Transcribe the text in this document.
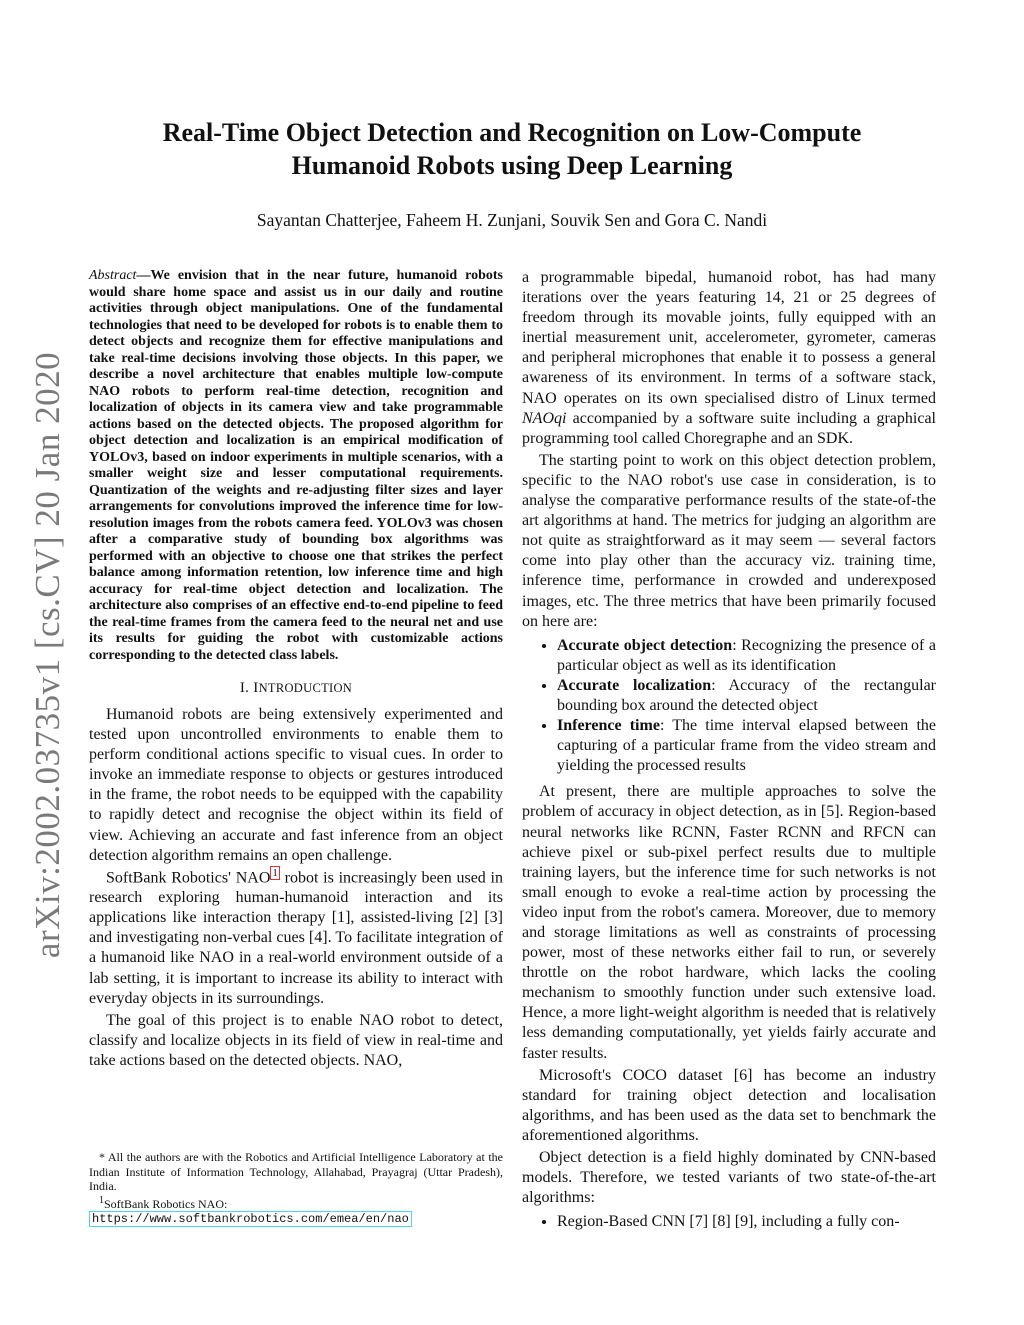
arXiv:2002.03735v1 [cs.CV] 20 Jan 2020
Real-Time Object Detection and Recognition on Low-Compute
Humanoid Robots using Deep Learning
Sayantan Chatterjee, Faheem H. Zunjani, Souvik Sen and Gora C. Nandi

Abstract—We envision that in the near future, humanoid robots would share home space and assist us in our daily and routine activities through object manipulations. One of the fundamental technologies that need to be developed for robots is to enable them to detect objects and recognize them for effective manipulations and take real-time decisions involving those objects. In this paper, we describe a novel architecture that enables multiple low-compute NAO robots to perform real-time detection, recognition and localization of objects in its camera view and take programmable actions based on the detected objects. The proposed algorithm for object detection and localization is an empirical modification of YOLOv3, based on indoor experiments in multiple scenarios, with a smaller weight size and lesser computational requirements. Quantization of the weights and re-adjusting filter sizes and layer arrangements for convolutions improved the inference time for low-resolution images from the robots camera feed. YOLOv3 was chosen after a comparative study of bounding box algorithms was performed with an objective to choose one that strikes the perfect balance among information retention, low inference time and high accuracy for real-time object detection and localization. The architecture also comprises of an effective end-to-end pipeline to feed the real-time frames from the camera feed to the neural net and use its results for guiding the robot with customizable actions corresponding to the detected class labels.

I. INTRODUCTION

Humanoid robots are being extensively experimented and tested upon uncontrolled environments to enable them to perform conditional actions specific to visual cues. In order to invoke an immediate response to objects or gestures introduced in the frame, the robot needs to be equipped with the capability to rapidly detect and recognise the object within its field of view. Achieving an accurate and fast inference from an object detection algorithm remains an open challenge.

SoftBank Robotics' NAO $^1$ robot is increasingly been used in research exploring human-humanoid interaction and its applications like interaction therapy [1], assisted-living [2] [3] and investigating non-verbal cues [4]. To facilitate integration of a humanoid like NAO in a real-world environment outside of a lab setting, it is important to increase its ability to interact with everyday objects in its surroundings.

The goal of this project is to enable NAO robot to detect, classify and localize objects in its field of view in real-time and take actions based on the detected objects. NAO,

* All the authors are with the Robotics and Artificial Intelligence Laboratory at the Indian Institute of Information Technology, Allahabad, Prayagraj (Uttar Pradesh), India.
$^1$SoftBank Robotics NAO: https://www.softbankrobotics.com/emea/en/nao

a programmable bipedal, humanoid robot, has had many iterations over the years featuring 14, 21 or 25 degrees of freedom through its movable joints, fully equipped with an inertial measurement unit, accelerometer, gyrometer, cameras and peripheral microphones that enable it to possess a general awareness of its environment. In terms of a software stack, NAO operates on its own specialised distro of Linux termed NAOqi accompanied by a software suite including a graphical programming tool called Choregraphe and an SDK.

The starting point to work on this object detection problem, specific to the NAO robot's use case in consideration, is to analyse the comparative performance results of the state-of-the art algorithms at hand. The metrics for judging an algorithm are not quite as straightforward as it may seem — several factors come into play other than the accuracy viz. training time, inference time, performance in crowded and underexposed images, etc. The three metrics that have been primarily focused on here are:

• Accurate object detection: Recognizing the presence of a particular object as well as its identification
• Accurate localization: Accuracy of the rectangular bounding box around the detected object
• Inference time: The time interval elapsed between the capturing of a particular frame from the video stream and yielding the processed results

At present, there are multiple approaches to solve the problem of accuracy in object detection, as in [5]. Region-based neural networks like RCNN, Faster RCNN and RFCN can achieve pixel or sub-pixel perfect results due to multiple training layers, but the inference time for such networks is not small enough to evoke a real-time action by processing the video input from the robot's camera. Moreover, due to memory and storage limitations as well as constraints of processing power, most of these networks either fail to run, or severely throttle on the robot hardware, which lacks the cooling mechanism to smoothly function under such extensive load. Hence, a more light-weight algorithm is needed that is relatively less demanding computationally, yet yields fairly accurate and faster results.

Microsoft's COCO dataset [6] has become an industry standard for training object detection and localisation algorithms, and has been used as the data set to benchmark the aforementioned algorithms.

Object detection is a field highly dominated by CNN-based models. Therefore, we tested variants of two state-of-the-art algorithms:

• Region-Based CNN [7] [8] [9], including a fully con-
